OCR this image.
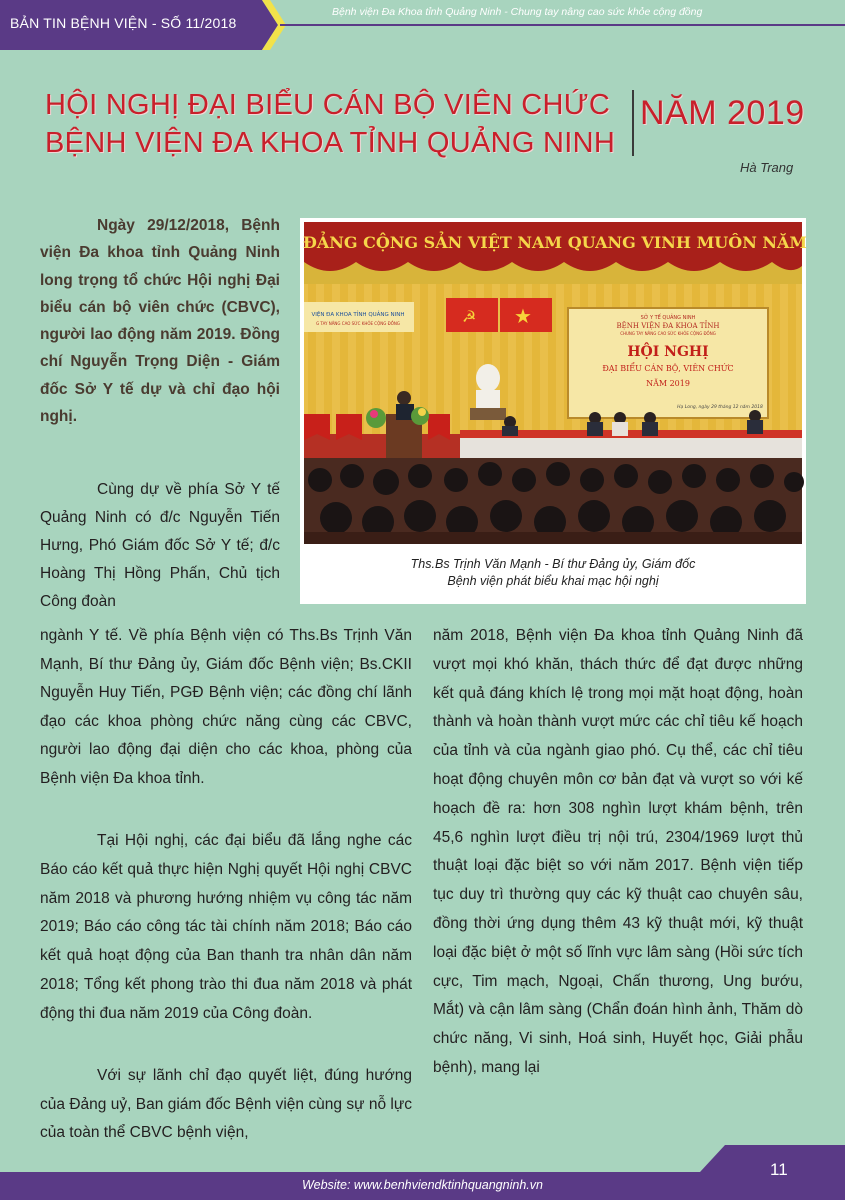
BẢN TIN BỆNH VIỆN - SỐ 11/2018
Bệnh viện Đa Khoa tỉnh Quảng Ninh - Chung tay nâng cao sức khỏe cộng đồng
HỘI NGHỊ ĐẠI BIỂU CÁN BỘ VIÊN CHỨC
BỆNH VIỆN ĐA KHOA TỈNH QUẢNG NINH
NĂM 2019
Hà Trang

Ngày 29/12/2018, Bệnh viện Đa khoa tỉnh Quảng Ninh long trọng tổ chức Hội nghị Đại biểu cán bộ viên chức (CBVC), người lao động năm 2019. Đồng chí Nguyễn Trọng Diện - Giám đốc Sở Y tế dự và chỉ đạo hội nghị.

ĐẢNG CỘNG SẢN VIỆT NAM QUANG VINH MUÔN NĂM
☭ ★	SỞ Y TẾ QUẢNG NINH
BỆNH VIỆN ĐA KHOA TỈNH
CHUNG TAY NÂNG CAO SỨC KHỎE CỘNG ĐỒNG
HỘI NGHỊ
ĐẠI BIỂU CÁN BỘ, VIÊN CHỨC
NĂM 2019
Hạ Long, ngày 29 tháng 12 năm 2018
VIỆN ĐA KHOA TỈNH QUẢNG NINH
G TAY NÂNG CAO SỨC KHỎE CỘNG ĐỒNG

Ths.Bs Trịnh Văn Mạnh - Bí thư Đảng ủy, Giám đốc
Bệnh viện phát biểu khai mạc hội nghị

Cùng dự về phía Sở Y tế Quảng Ninh có đ/c Nguyễn Tiến Hưng, Phó Giám đốc Sở Y tế; đ/c Hoàng Thị Hồng Phấn, Chủ tịch Công đoàn

ngành Y tế. Về phía Bệnh viện có Ths.Bs Trịnh Văn Mạnh, Bí thư Đảng ủy, Giám đốc Bệnh viện; Bs.CKII Nguyễn Huy Tiến, PGĐ Bệnh viện; các đồng chí lãnh đạo các khoa phòng chức năng cùng các CBVC, người lao động đại diện cho các khoa, phòng của Bệnh viện Đa khoa tỉnh.

Tại Hội nghị, các đại biểu đã lắng nghe các Báo cáo kết quả thực hiện Nghị quyết Hội nghị CBVC năm 2018 và phương hướng nhiệm vụ công tác năm 2019; Báo cáo công tác tài chính năm 2018; Báo cáo kết quả hoạt động của Ban thanh tra nhân dân năm 2018; Tổng kết phong trào thi đua năm 2018 và phát động thi đua năm 2019 của Công đoàn.

Với sự lãnh chỉ đạo quyết liệt, đúng hướng của Đảng uỷ, Ban giám đốc Bệnh viện cùng sự nỗ lực của toàn thể CBVC bệnh viện,

năm 2018, Bệnh viện Đa khoa tỉnh Quảng Ninh đã vượt mọi khó khăn, thách thức để đạt được những kết quả đáng khích lệ trong mọi mặt hoạt động, hoàn thành và hoàn thành vượt mức các chỉ tiêu kế hoạch của tỉnh và của ngành giao phó. Cụ thể, các chỉ tiêu hoạt động chuyên môn cơ bản đạt và vượt so với kế hoạch đề ra: hơn 308 nghìn lượt khám bệnh, trên 45,6 nghìn lượt điều trị nội trú, 2304/1969 lượt thủ thuật loại đặc biệt so với năm 2017. Bệnh viện tiếp tục duy trì thường quy các kỹ thuật cao chuyên sâu, đồng thời ứng dụng thêm 43 kỹ thuật mới, kỹ thuật loại đặc biệt ở một số lĩnh vực lâm sàng (Hồi sức tích cực, Tim mạch, Ngoại, Chấn thương, Ung bướu, Mắt) và cận lâm sàng (Chẩn đoán hình ảnh, Thăm dò chức năng, Vi sinh, Hoá sinh, Huyết học, Giải phẫu bệnh), mang lại

Website: www.benhviendktinhquangninh.vn
11
